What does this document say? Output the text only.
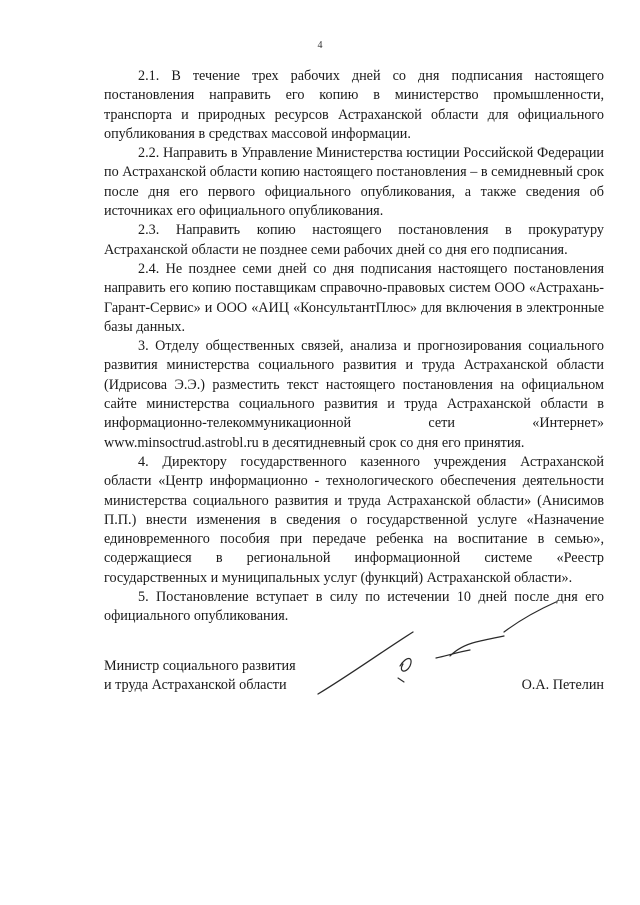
4

2.1. В течение трех рабочих дней со дня подписания настоящего постановления направить его копию в министерство промышленности, транспорта и природных ресурсов Астраханской области для официального опубликования в средствах массовой информации.

2.2. Направить в Управление Министерства юстиции Российской Федерации по Астраханской области копию настоящего постановления – в семидневный срок после дня его первого официального опубликования, а также сведения об источниках его официального опубликования.

2.3. Направить копию настоящего постановления в прокуратуру Астраханской области не позднее семи рабочих дней со дня его подписания.

2.4. Не позднее семи дней со дня подписания настоящего постановления направить его копию поставщикам справочно-правовых систем ООО «Астрахань-Гарант-Сервис» и ООО «АИЦ «КонсультантПлюс» для включения в электронные базы данных.

3. Отделу общественных связей, анализа и прогнозирования социального развития министерства социального развития и труда Астраханской области (Идрисова Э.Э.) разместить текст настоящего постановления на официальном сайте министерства социального развития и труда Астраханской области в информационно-телекоммуникационной сети «Интернет» www.minsoctrud.astrobl.ru в десятидневный срок со дня его принятия.

4. Директору государственного казенного учреждения Астраханской области «Центр информационно - технологического обеспечения деятельности министерства социального развития и труда Астраханской области» (Анисимов П.П.) внести изменения в сведения о государственной услуге «Назначение единовременного пособия при передаче ребенка на воспитание в семью», содержащиеся в региональной информационной системе «Реестр государственных и муниципальных услуг (функций) Астраханской области».

5. Постановление вступает в силу по истечении 10 дней после дня его официального опубликования.

Министр социального развития
и труда Астраханской области	О.А. Петелин
